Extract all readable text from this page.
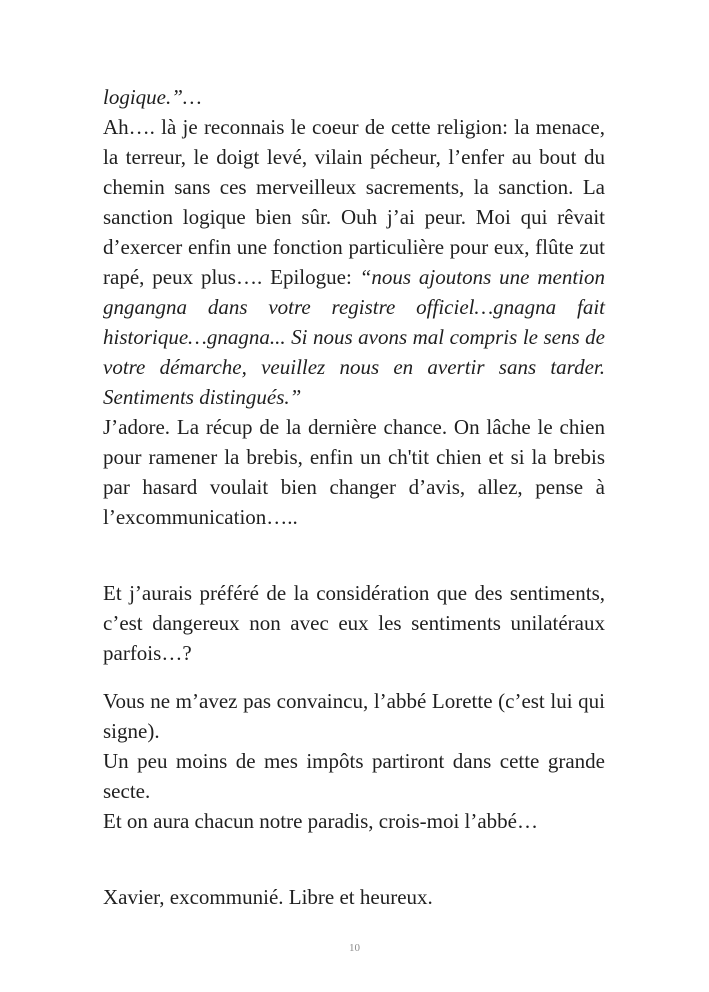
logique.”…

Ah…. là je reconnais le coeur de cette religion: la menace, la terreur, le doigt levé, vilain pécheur, l’enfer au bout du chemin sans ces merveilleux sacrements, la sanction. La sanction logique bien sûr. Ouh j’ai peur. Moi qui rêvait d’exercer enfin une fonction particulière pour eux, flûte zut rapé, peux plus…. Epilogue: “nous ajoutons une mention gngangna dans votre registre officiel…gnagna fait historique…gnagna... Si nous avons mal compris le sens de votre démarche, veuillez nous en avertir sans tarder. Sentiments distingués.”

J’adore. La récup de la dernière chance. On lâche le chien pour ramener la brebis, enfin un ch'tit chien et si la brebis par hasard voulait bien changer d’avis, allez, pense à l’excommunication…..

Et j’aurais préféré de la considération que des sentiments, c’est dangereux non avec eux les sentiments unilatéraux parfois…?

Vous ne m’avez pas convaincu, l’abbé Lorette (c’est lui qui signe).

Un peu moins de mes impôts partiront dans cette grande secte.

Et on aura chacun notre paradis, crois-moi l’abbé…

Xavier, excommunié. Libre et heureux.

10
